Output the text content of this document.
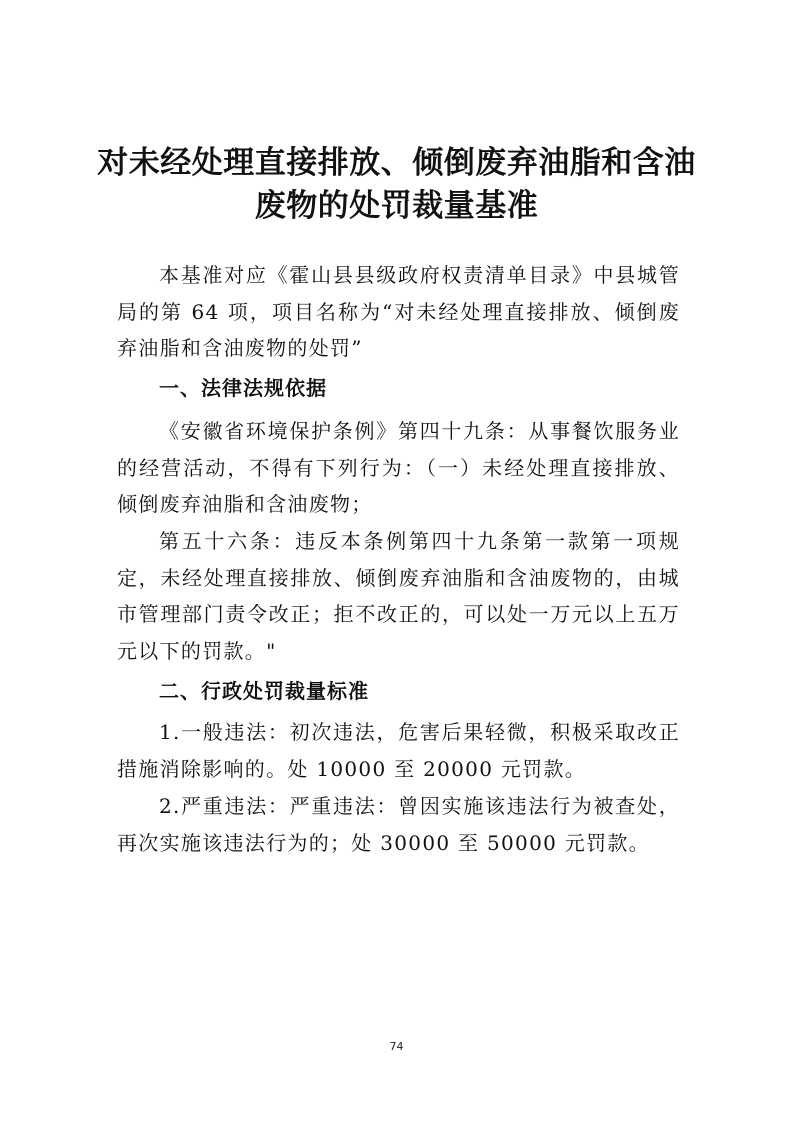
对未经处理直接排放、倾倒废弃油脂和含油
废物的处罚裁量基准

本基准对应《霍山县县级政府权责清单目录》中县城管局的第 64 项，项目名称为“对未经处理直接排放、倾倒废弃油脂和含油废物的处罚”

一、法律法规依据

《安徽省环境保护条例》第四十九条：从事餐饮服务业的经营活动，不得有下列行为：（一）未经处理直接排放、倾倒废弃油脂和含油废物；

第五十六条：违反本条例第四十九条第一款第一项规定，未经处理直接排放、倾倒废弃油脂和含油废物的，由城市管理部门责令改正；拒不改正的，可以处一万元以上五万元以下的罚款。"

二、行政处罚裁量标准

1.一般违法：初次违法，危害后果轻微，积极采取改正措施消除影响的。处 10000 至 20000 元罚款。

2.严重违法：严重违法：曾因实施该违法行为被查处，再次实施该违法行为的；处 30000 至 50000 元罚款。

74
